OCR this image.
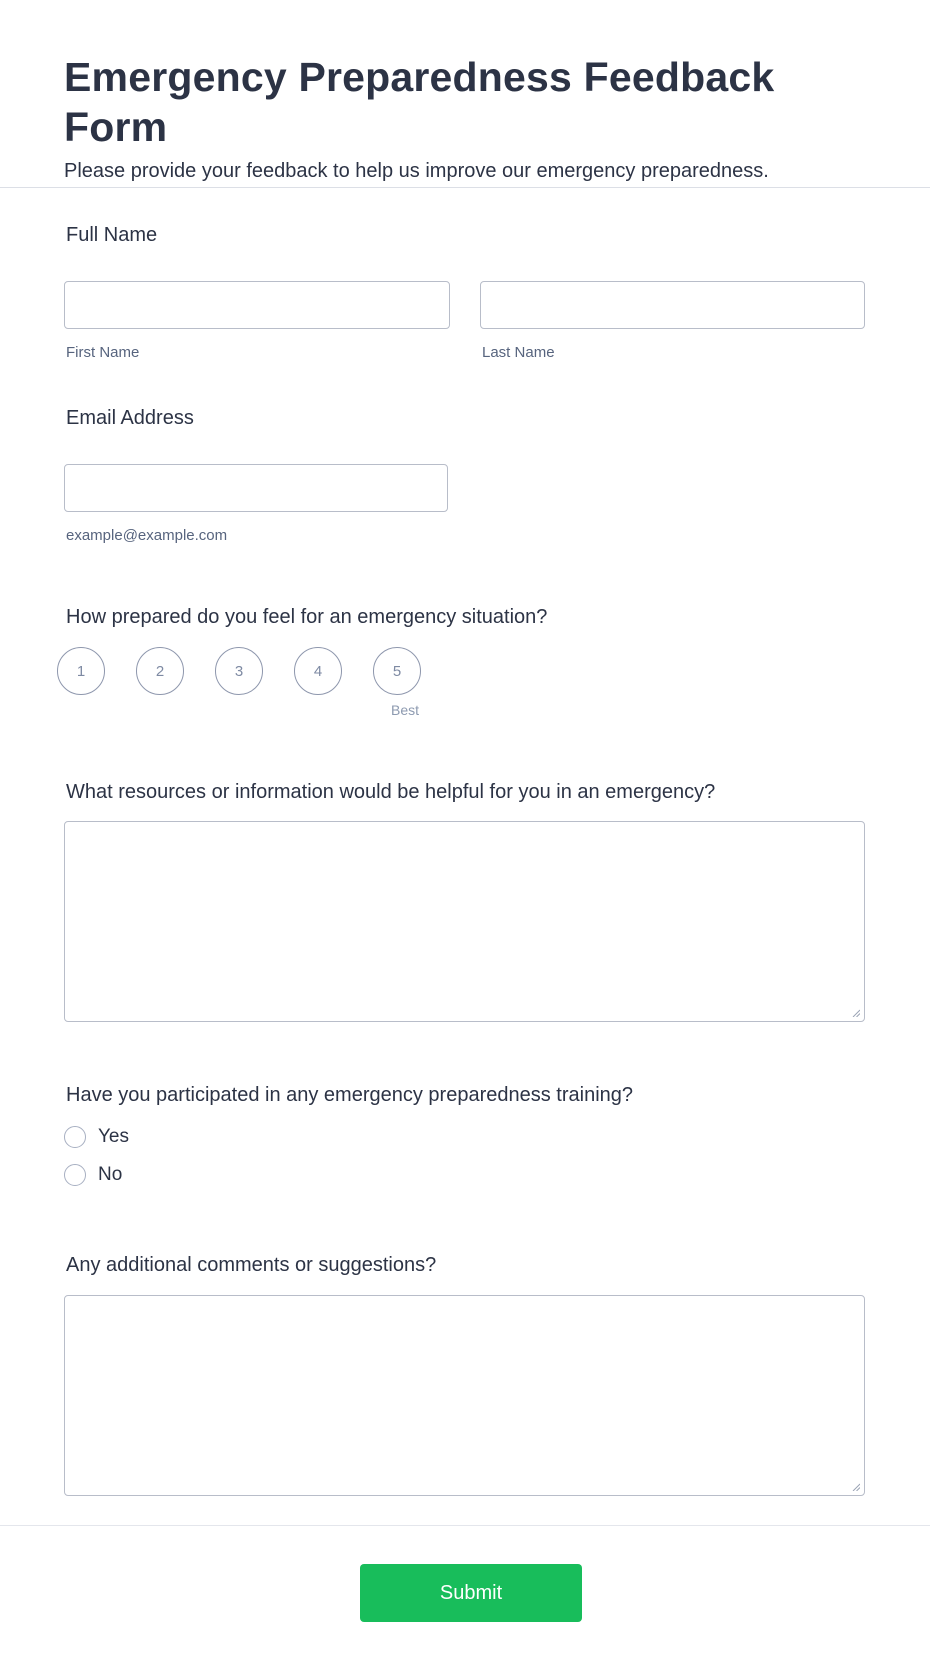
Emergency Preparedness Feedback Form

Please provide your feedback to help us improve our emergency preparedness.

Full Name
First Name	Last Name
Email Address
example@example.com
How prepared do you feel for an emergency situation?
1	2	3	4	5
Best
What resources or information would be helpful for you in an emergency?
Have you participated in any emergency preparedness training?
Yes
No
Any additional comments or suggestions?
Submit
